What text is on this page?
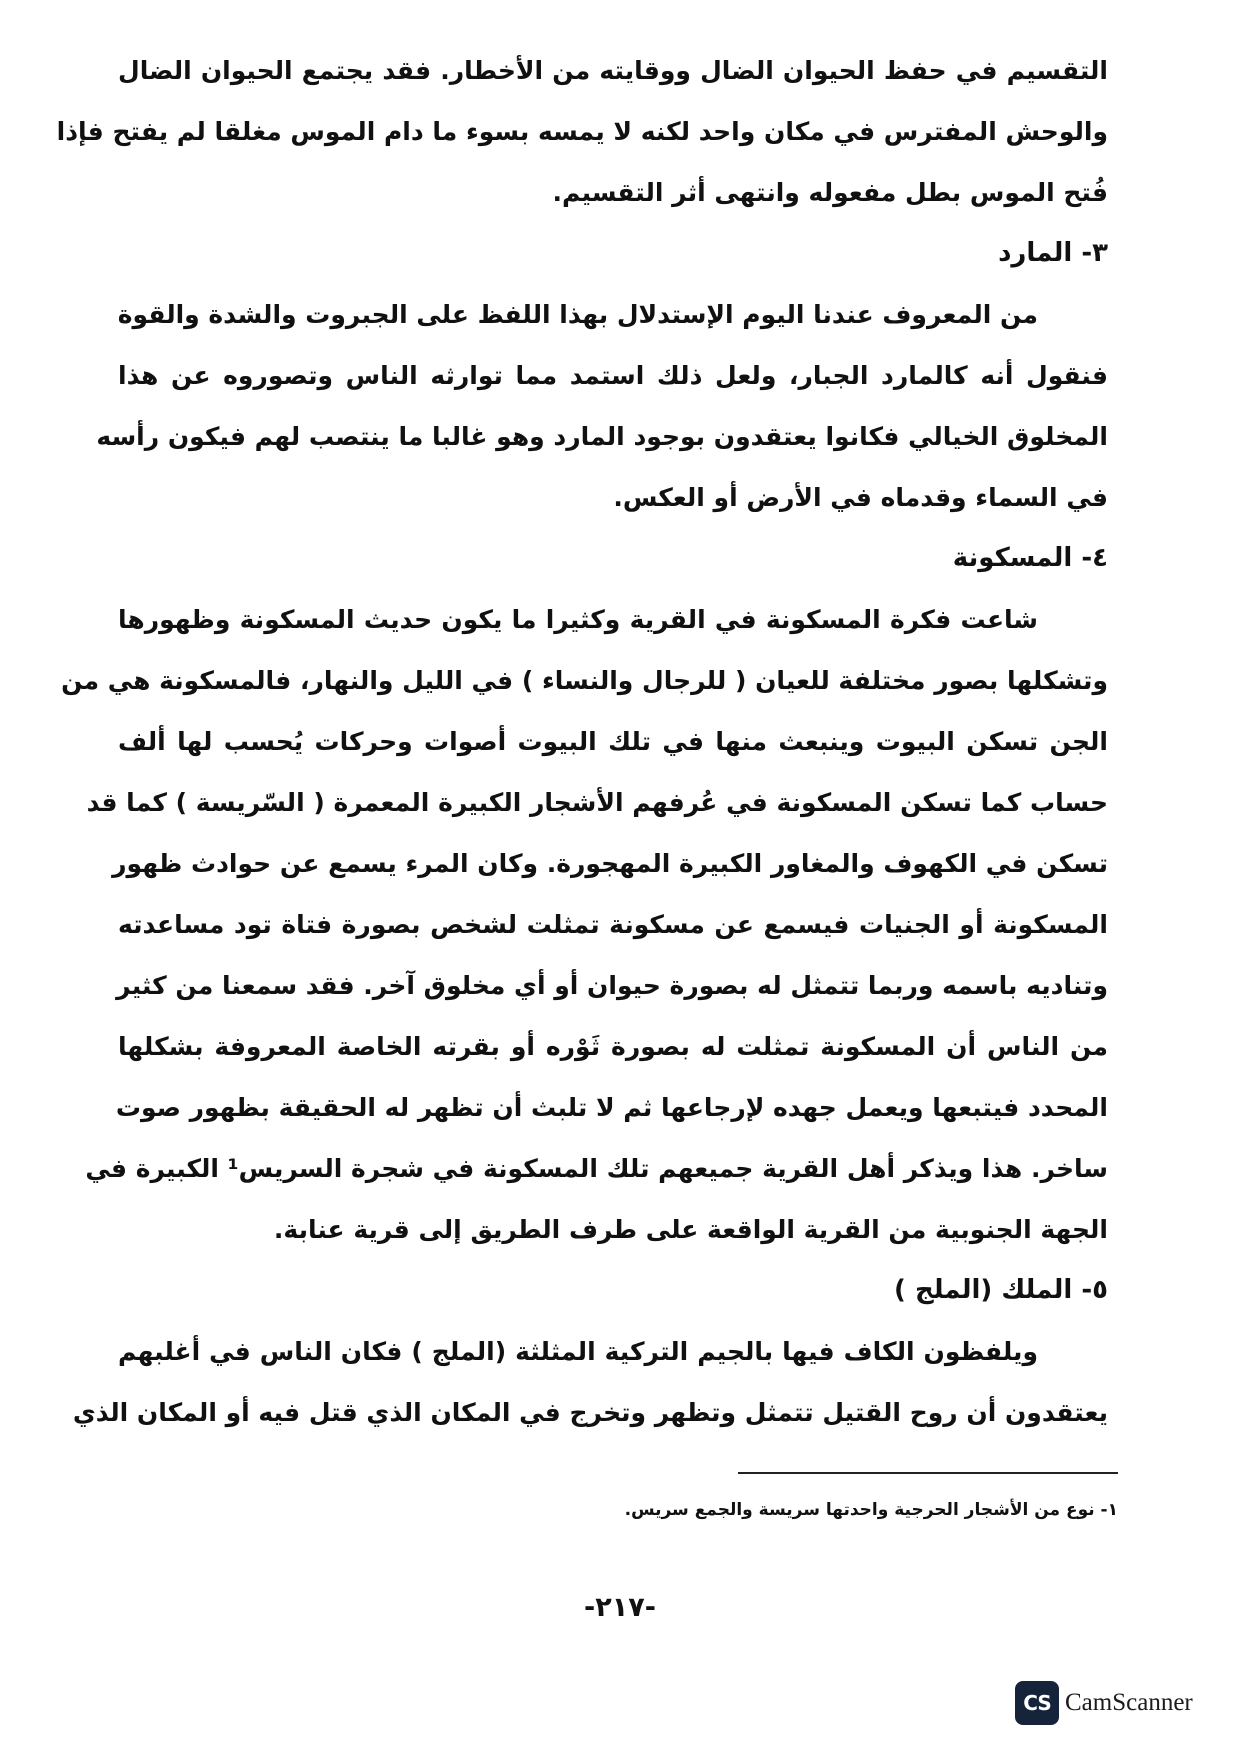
التقسيم في حفظ الحيوان الضال ووقايته من الأخطار. فقد يجتمع الحيوان الضال
والوحش المفترس في مكان واحد لكنه لا يمسه بسوء ما دام الموس مغلقا لم يفتح فإذا
فُتح الموس بطل مفعوله وانتهى أثر التقسيم.
٣- المارد
من المعروف عندنا اليوم الإستدلال بهذا اللفظ على الجبروت والشدة والقوة
فنقول أنه كالمارد الجبار، ولعل ذلك استمد مما توارثه الناس وتصوروه عن هذا
المخلوق الخيالي فكانوا يعتقدون بوجود المارد وهو غالبا ما ينتصب لهم فيكون رأسه
في السماء وقدماه في الأرض أو العكس.
٤- المسكونة
شاعت فكرة المسكونة في القرية وكثيرا ما يكون حديث المسكونة وظهورها
وتشكلها بصور مختلفة للعيان ( للرجال والنساء ) في الليل والنهار، فالمسكونة هي من
الجن تسكن البيوت وينبعث منها في تلك البيوت أصوات وحركات يُحسب لها ألف
حساب كما تسكن المسكونة في عُرفهم الأشجار الكبيرة المعمرة ( السّريسة ) كما قد
تسكن في الكهوف والمغاور الكبيرة المهجورة. وكان المرء يسمع عن حوادث ظهور
المسكونة أو الجنيات فيسمع عن مسكونة تمثلت لشخص بصورة فتاة تود مساعدته
وتناديه باسمه وربما تتمثل له بصورة حيوان أو أي مخلوق آخر. فقد سمعنا من كثير
من الناس أن المسكونة تمثلت له بصورة ثَوْره أو بقرته الخاصة المعروفة بشكلها
المحدد فيتبعها ويعمل جهده لإرجاعها ثم لا تلبث أن تظهر له الحقيقة بظهور صوت
ساخر. هذا ويذكر أهل القرية جميعهم تلك المسكونة في شجرة السريس¹ الكبيرة في
الجهة الجنوبية من القرية الواقعة على طرف الطريق إلى قرية عنابة.
٥- الملك (الملج )
ويلفظون الكاف فيها بالجيم التركية المثلثة (الملج ) فكان الناس في أغلبهم
يعتقدون أن روح القتيل تتمثل وتظهر وتخرج في المكان الذي قتل فيه أو المكان الذي
١- نوع من الأشجار الحرجية واحدتها سريسة والجمع سريس.
-٢١٧-
CS CamScanner
